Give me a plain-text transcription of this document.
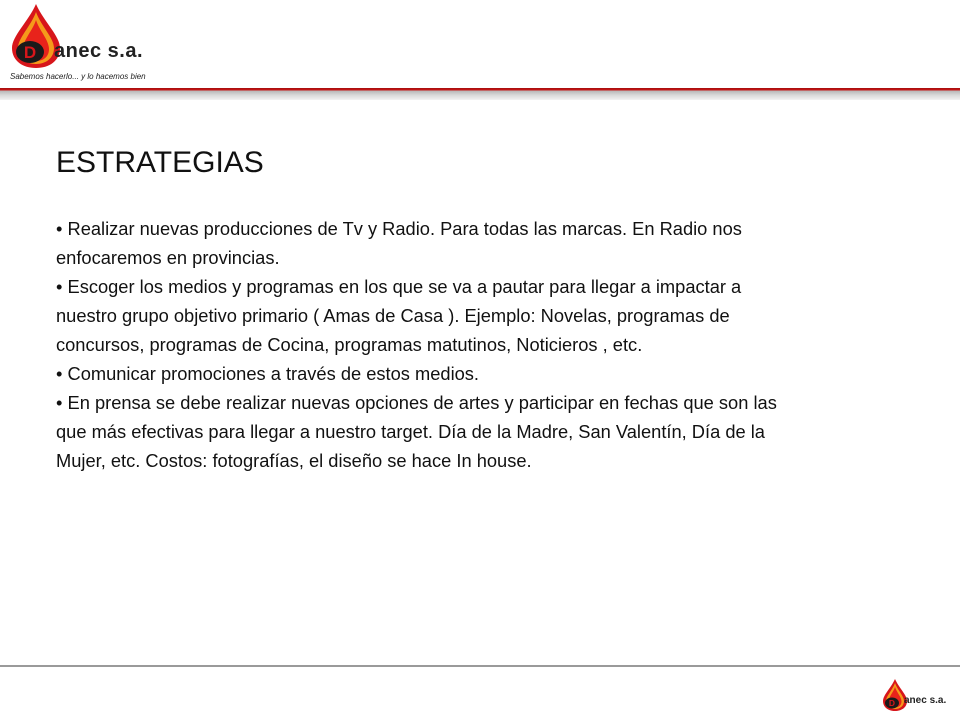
D anec s.a.
Sabemos hacerlo... y lo hacemos bien
ESTRATEGIAS

• Realizar nuevas producciones de Tv y Radio. Para todas las marcas. En Radio nos enfocaremos en provincias.

• Escoger los medios y programas en los que se va a pautar para llegar a impactar a nuestro grupo objetivo primario ( Amas de Casa ). Ejemplo: Novelas, programas de concursos, programas de Cocina, programas matutinos, Noticieros , etc.

• Comunicar promociones a través de estos medios.

• En prensa se debe realizar nuevas opciones de artes y participar en fechas que son las que más efectivas para llegar a nuestro target. Día de la Madre, San Valentín, Día de la Mujer, etc. Costos: fotografías, el diseño se hace In house.

D anec s.a.
